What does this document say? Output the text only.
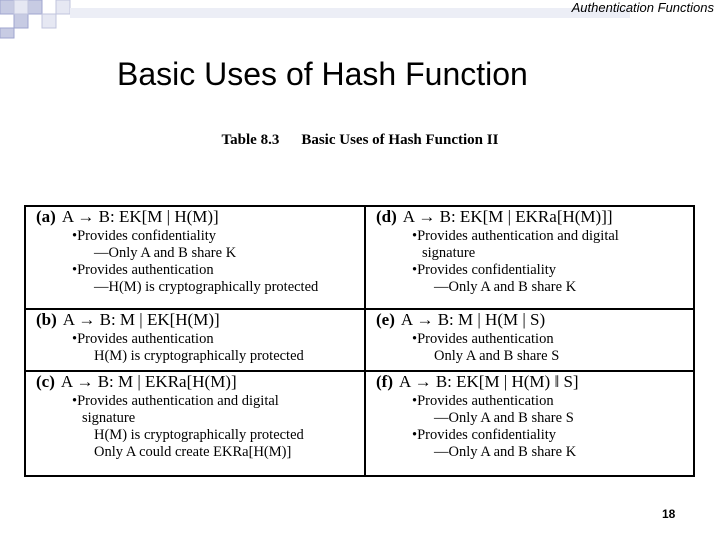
Authentication Functions
Basic Uses of Hash Function
Table 8.3 Basic Uses of Hash Function II
(a) A → B: EK[M | H(M)]
•Provides confidentiality
—Only A and B share K
•Provides authentication
—H(M) is cryptographically protected
(d) A → B: EK[M | EKRa[H(M)]]
•Provides authentication and digital
signature
•Provides confidentiality
—Only A and B share K
(b) A → B: M | EK[H(M)]
•Provides authentication
H(M) is cryptographically protected
(e) A → B: M | H(M | S)
•Provides authentication
Only A and B share S
(c) A → B: M | EKRa[H(M)]
•Provides authentication and digital
signature
H(M) is cryptographically protected
Only A could create EKRa[H(M)]
(f) A → B: EK[M | H(M) ‖ S]
•Provides authentication
—Only A and B share S
•Provides confidentiality
—Only A and B share K
18
